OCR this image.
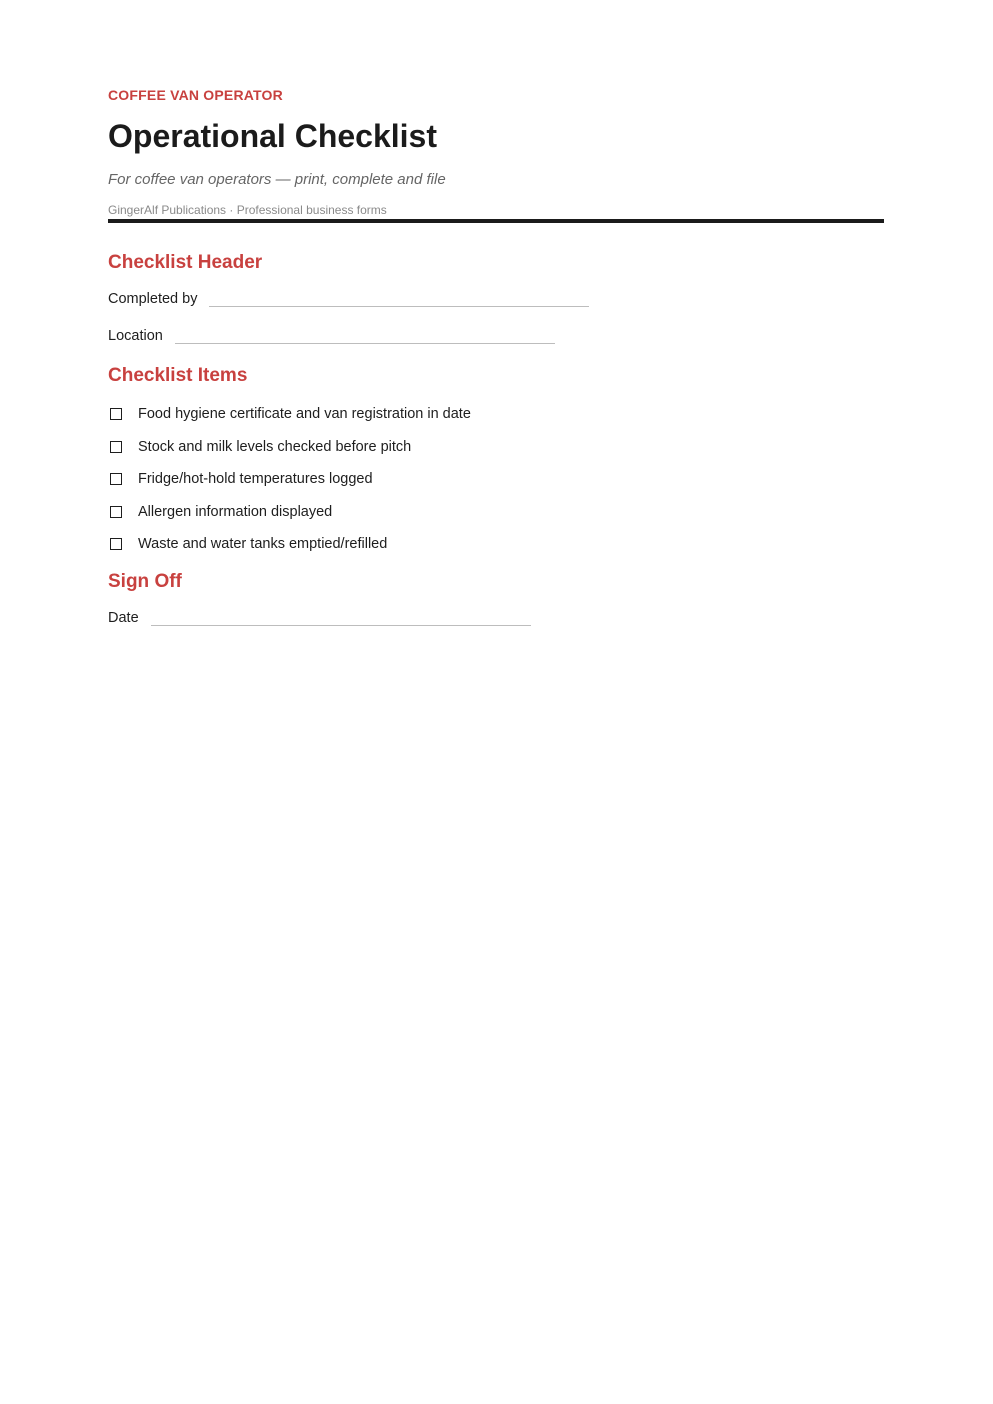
COFFEE VAN OPERATOR

Operational Checklist

For coffee van operators — print, complete and file

GingerAlf Publications · Professional business forms

Checklist Header
Completed by
Location
Checklist Items
Food hygiene certificate and van registration in date
Stock and milk levels checked before pitch
Fridge/hot-hold temperatures logged
Allergen information displayed
Waste and water tanks emptied/refilled
Sign Off
Date
